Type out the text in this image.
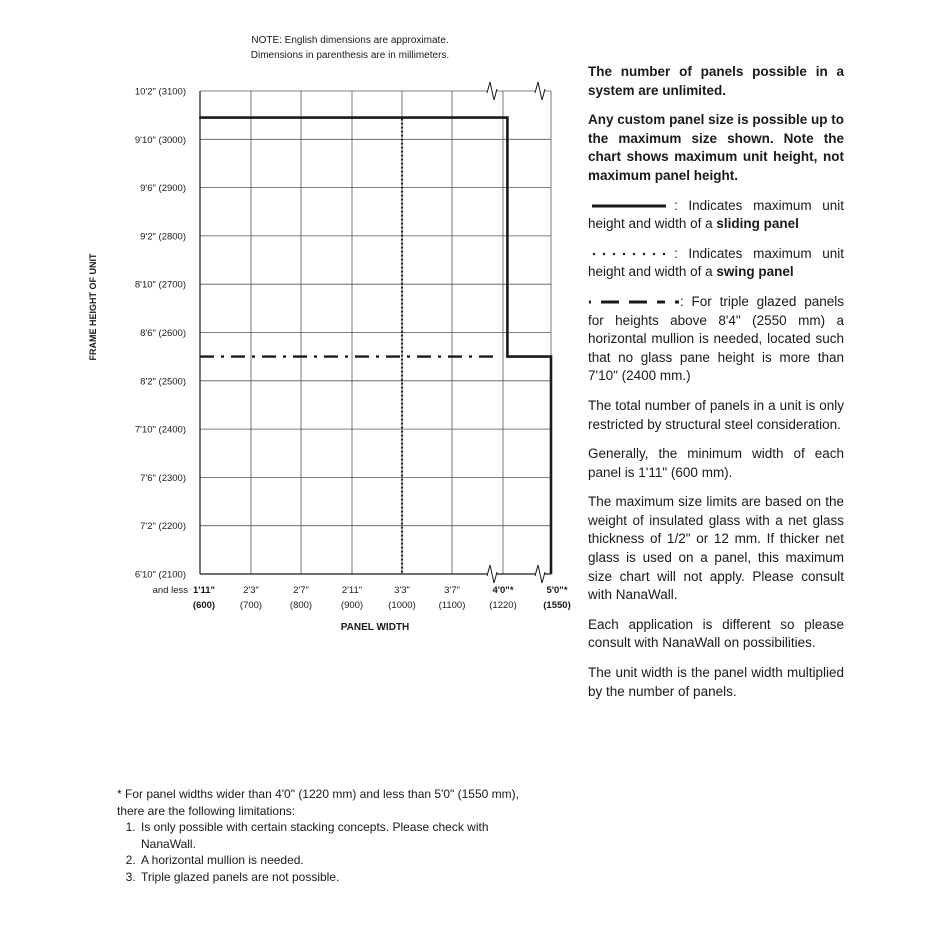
NOTE: English dimensions are approximate.
Dimensions in parenthesis are in millimeters.
10'2" (3100)
9'10" (3000)
9'6" (2900)
9'2" (2800)
8'10" (2700)
8'6" (2600)
8'2" (2500)
7'10" (2400)
7'6" (2300)
7'2" (2200)
6'10" (2100)
1'11"
(600)
and less	2'3"
(700)
2'7"
(800)
2'11"
(900)
3'3"
(1000)
3'7"
(1100)
4'0"*
(1220)
5'0"*
(1550)
FRAME HEIGHT OF UNIT
PANEL WIDTH

The number of panels possible in a system are unlimited.

Any custom panel size is possible up to the maximum size shown. Note the chart shows maximum unit height, not maximum panel height.

: Indicates maximum unit height and width of a sliding panel
: Indicates maximum unit height and width of a swing panel
: For triple glazed panels for heights above 8'4" (2550 mm) a horizontal mullion is needed, located such that no glass pane height is more than 7'10" (2400 mm.)

The total number of panels in a unit is only restricted by structural steel consideration.

Generally, the minimum width of each panel is 1'11" (600 mm).

The maximum size limits are based on the weight of insulated glass with a net glass thickness of 1/2" or 12 mm. If thicker net glass is used on a panel, this maximum size chart will not apply. Please consult with NanaWall.

Each application is different so please consult with NanaWall on possibilities.

The unit width is the panel width multiplied by the number of panels.

* For panel widths wider than 4'0" (1220 mm) and less than 5'0" (1550 mm), there are the following limitations:
1. Is only possible with certain stacking concepts. Please check with NanaWall.
2. A horizontal mullion is needed.
3. Triple glazed panels are not possible.
